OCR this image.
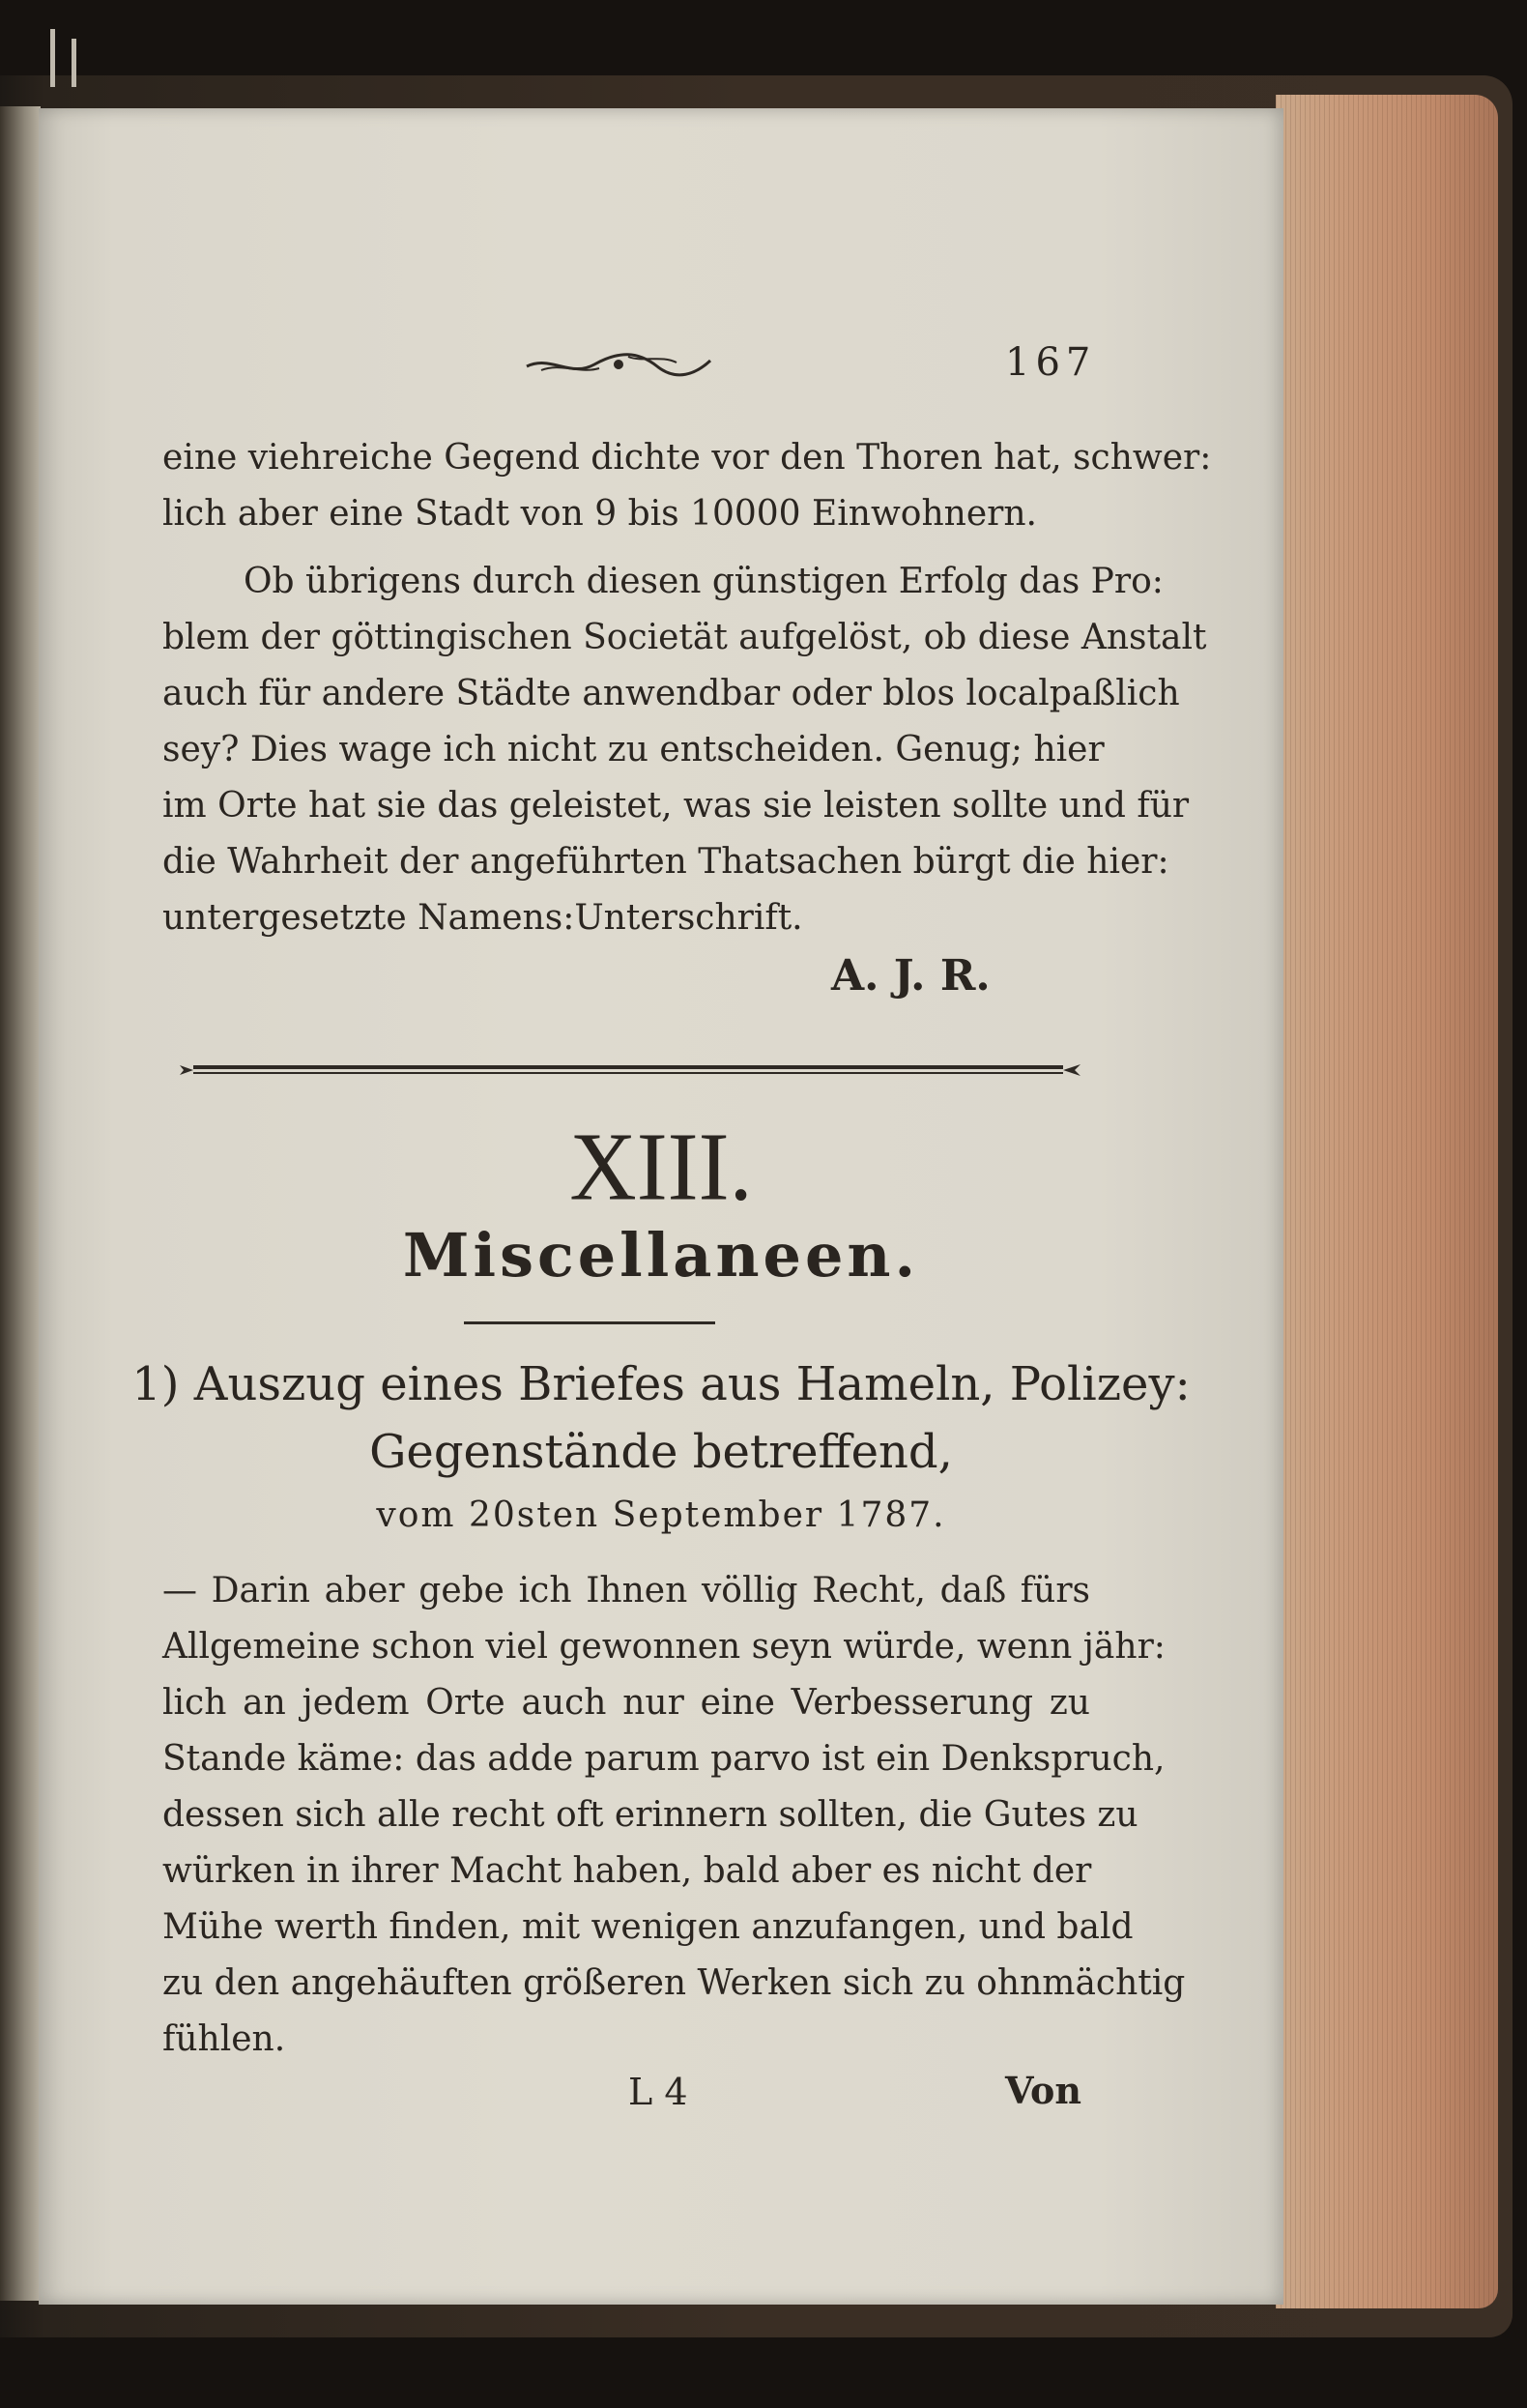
167
eine viehreiche Gegend dichte vor den Thoren hat, schwer:
lich aber eine Stadt von 9 bis 10000 Einwohnern.
Ob übrigens durch diesen günstigen Erfolg das Pro:
blem der göttingischen Societät aufgelöst, ob diese Anstalt
auch für andere Städte anwendbar oder blos localpaßlich
sey? Dies wage ich nicht zu entscheiden. Genug; hier
im Orte hat sie das geleistet, was sie leisten sollte und für
die Wahrheit der angeführten Thatsachen bürgt die hier:
untergesetzte Namens:Unterschrift.
A. J. R.
XIII.
Miscellaneen.
1) Auszug eines Briefes aus Hameln, Polizey:
Gegenstände betreffend,
vom 20sten September 1787.
— Darin aber gebe ich Ihnen völlig Recht, daß fürs
Allgemeine schon viel gewonnen seyn würde, wenn jähr:
lich an jedem Orte auch nur eine Verbesserung zu
Stande käme: das adde parum parvo ist ein Denkspruch,
dessen sich alle recht oft erinnern sollten, die Gutes zu
würken in ihrer Macht haben, bald aber es nicht der
Mühe werth finden, mit wenigen anzufangen, und bald
zu den angehäuften größeren Werken sich zu ohnmächtig
fühlen.
L 4	Von
